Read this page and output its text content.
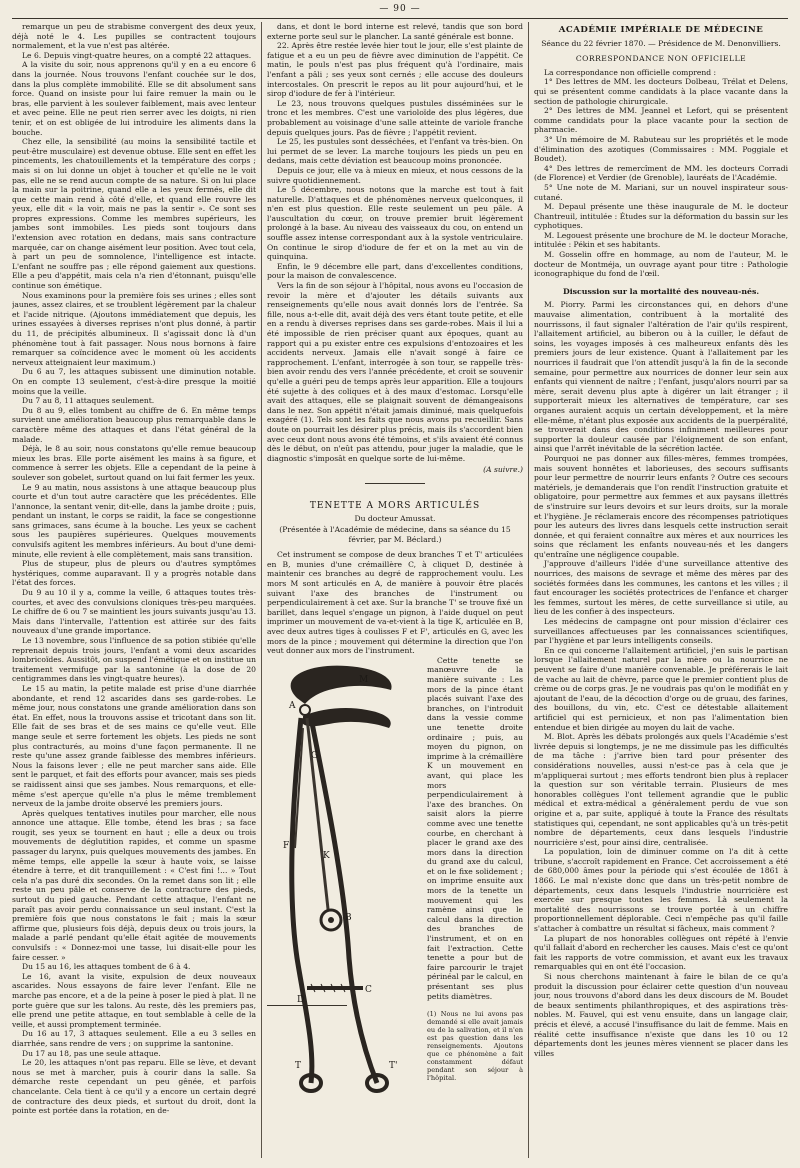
— 90 —

remarque un peu de strabisme convergent des deux yeux, déjà noté le 4. Les pupilles se contractent toujours normalement, et la vue n'est pas altérée.

Le 6. Depuis vingt-quatre heures, on a compté 22 attaques.

A la visite du soir, nous apprenons qu'il y en a eu encore 6 dans la journée. Nous trouvons l'enfant couchée sur le dos, dans la plus complète immobilité. Elle se dit absolument sans force. Quand on insiste pour lui faire remuer la main ou le bras, elle parvient à les soulever faiblement, mais avec lenteur et avec peine. Elle ne peut rien serrer avec les doigts, ni rien tenir, et on est obligée de lui introduire les aliments dans la bouche.

Chez elle, la sensibilité (au moins la sensibilité tactile et peut-être musculaire) est devenue obtuse. Elle sent en effet les pincements, les chatouillements et la température des corps ; mais si on lui donne un objet à toucher et qu'elle ne le voit pas, elle ne se rend aucun compte de sa nature. Si on lui place la main sur la poitrine, quand elle a les yeux fermés, elle dit que cette main rend à côté d'elle, et quand elle rouvre les yeux, elle dit « la voir, mais ne pas la sentir ». Ce sont ses propres expressions. Comme les membres supérieurs, les jambes sont immobiles. Les pieds sont toujours dans l'extension avec rotation en dedans, mais sans contracture marquée, car on change aisément leur position. Avec tout cela, à part un peu de somnolence, l'intelligence est intacte. L'enfant ne souffre pas ; elle répond gaiement aux questions. Elle a peu d'appétit, mais cela n'a rien d'étonnant, puisqu'elle continue son émétique.

Nous examinons pour la première fois ses urines ; elles sont jaunes, assez claires, et se troublent légèrement par la chaleur et l'acide nitrique. (Ajoutons immédiatement que depuis, les urines essayées à diverses reprises n'ont plus donné, à partir du 11, de précipités albumineux. Il s'agissait donc là d'un phénomène tout à fait passager. Nous nous bornons à faire remarquer sa coïncidence avec le moment où les accidents nerveux atteignaient leur maximum.)

Du 6 au 7, les attaques subissent une diminution notable. On en compte 13 seulement, c'est-à-dire presque la moitié moins que la veille.

Du 7 au 8, 11 attaques seulement.

Du 8 au 9, elles tombent au chiffre de 6. En même temps survient une amélioration beaucoup plus remarquable dans le caractère même des attaques et dans l'état général de la malade.

Déjà, le 8 au soir, nous constatons qu'elle remue beaucoup mieux les bras. Elle porte aisément les mains à sa figure, et commence à serrer les objets. Elle a cependant de la peine à soulever son gobelet, surtout quand on lui fait fermer les yeux.

Le 9 au matin, nous assistons à une attaque beaucoup plus courte et d'un tout autre caractère que les précédentes. Elle l'annonce, la sentant venir, dit-elle, dans la jambe droite ; puis, pendant un instant, le corps se raidit, la face se congestionne sans grimaces, sans écume à la bouche. Les yeux se cachent sous les paupières supérieures. Quelques mouvements convulsifs agitent les membres inférieurs. Au bout d'une demi-minute, elle revient à elle complètement, mais sans transition.

Plus de stupeur, plus de pleurs ou d'autres symptômes hystériques, comme auparavant. Il y a progrès notable dans l'état des forces.

Du 9 au 10 il y a, comme la veille, 6 attaques toutes très-courtes, et avec des convulsions cloniques très-peu marquées. Le chiffre de 6 ou 7 se maintient les jours suivants jusqu'au 13. Mais dans l'intervalle, l'attention est attirée sur des faits nouveaux d'une grande importance.

Le 13 novembre, sous l'influence de sa potion stibiée qu'elle reprenait depuis trois jours, l'enfant a vomi deux ascarides lombricoïdes. Aussitôt, on suspend l'émétique et on institue un traitement vermifuge par la santonine (à la dose de 20 centigrammes dans les vingt-quatre heures).

Le 15 au matin, la petite malade est prise d'une diarrhée abondante, et rend 12 ascarides dans ses garde-robes. Le même jour, nous constatons une grande amélioration dans son état. En effet, nous la trouvons assise et tricotant dans son lit. Elle fait de ses bras et de ses mains ce qu'elle veut. Elle mange seule et serre fortement les objets. Les pieds ne sont plus contracturés, au moins d'une façon permanente. Il ne reste qu'une assez grande faiblesse des membres inférieurs. Nous la faisons lever ; elle ne peut marcher sans aide. Elle sent le parquet, et fait des efforts pour avancer, mais ses pieds se raidissent ainsi que ses jambes. Nous remarquons, et elle-même s'est aperçue qu'elle n'a plus le même tremblement nerveux de la jambe droite observé les premiers jours.

Après quelques tentatives inutiles pour marcher, elle nous annonce une attaque. Elle tombe, étend les bras ; sa face rougit, ses yeux se tournent en haut ; elle a deux ou trois mouvements de déglutition rapides, et comme un spasme passager du larynx, puis quelques mouvements des jambes. En même temps, elle appelle la sœur à haute voix, se laisse étendre à terre, et dit tranquillement : « C'est fini !... » Tout cela n'a pas duré dix secondes. On la remet dans son lit ; elle reste un peu pâle et conserve de la contracture des pieds, surtout du pied gauche. Pendant cette attaque, l'enfant ne paraît pas avoir perdu connaissance un seul instant. C'est la première fois que nous constatons le fait ; mais la sœur affirme que, plusieurs fois déjà, depuis deux ou trois jours, la malade a parlé pendant qu'elle était agitée de mouvements convulsifs : « Donnez-moi une tasse, lui disait-elle pour les faire cesser. »

Du 15 au 16, les attaques tombent de 6 à 4.

Le 16, avant la visite, expulsion de deux nouveaux ascarides. Nous essayons de faire lever l'enfant. Elle ne marche pas encore, et a de la peine à poser le pied à plat. Il ne porte guère que sur les talons. Au reste, dès les premiers pas, elle prend une petite attaque, en tout semblable à celle de la veille, et aussi promptement terminée.

Du 16 au 17, 3 attaques seulement. Elle a eu 3 selles en diarrhée, sans rendre de vers ; on supprime la santonine.

Du 17 au 18, pas une seule attaque.

Le 20, les attaques n'ont pas reparu. Elle se lève, et devant nous se met à marcher, puis à courir dans la salle. Sa démarche reste cependant un peu gênée, et parfois chancelante. Cela tient à ce qu'il y a encore un certain degré de contracture des deux pieds, et surtout du droit, dont la pointe est portée dans la rotation, en de-

dans, et dont le bord interne est relevé, tandis que son bord externe porte seul sur le plancher. La santé générale est bonne.

22. Après être restée levée hier tout le jour, elle s'est plainte de fatigue et a eu un peu de fièvre avec diminution de l'appétit. Ce matin, le pouls n'est pas plus fréquent qu'à l'ordinaire, mais l'enfant a pâli ; ses yeux sont cernés ; elle accuse des douleurs intercostales. On prescrit le repos au lit pour aujourd'hui, et le sirop d'iodure de fer à l'intérieur.

Le 23, nous trouvons quelques pustules disséminées sur le tronc et les membres. C'est une varioloïde des plus légères, due probablement au voisinage d'une salle atteinte de variole franche depuis quelques jours. Pas de fièvre ; l'appétit revient.

Le 25, les pustules sont desséchées, et l'enfant va très-bien. On lui permet de se lever. La marche toujours les pieds un peu en dedans, mais cette déviation est beaucoup moins prononcée.

Depuis ce jour, elle va à mieux en mieux, et nous cessons de la suivre quotidiennement.

Le 5 décembre, nous notons que la marche est tout à fait naturelle. D'attaques et de phénomènes nerveux quelconques, il n'en est plus question. Elle reste seulement un peu pâle. A l'auscultation du cœur, on trouve premier bruit légèrement prolongé à la base. Au niveau des vaisseaux du cou, on entend un souffle assez intense correspondant aux à la systole ventriculaire. On continue le sirop d'iodure de fer et on la met au vin de quinquina.

Enfin, le 9 décembre elle part, dans d'excellentes conditions, pour la maison de convalescence.

Vers la fin de son séjour à l'hôpital, nous avons eu l'occasion de revoir la mère et d'ajouter les détails suivants aux renseignements qu'elle nous avait donnés lors de l'entrée. Sa fille, nous a-t-elle dit, avait déjà des vers étant toute petite, et elle en a rendu à diverses reprises dans ses garde-robes. Mais il lui a été impossible de rien préciser quant aux époques, quant au rapport qui a pu exister entre ces expulsions d'entozoaires et les accidents nerveux. Jamais elle n'avait songé à faire ce rapprochement. L'enfant, interrogée à son tour, se rappelle très-bien avoir rendu des vers l'année précédente, et croit se souvenir qu'elle a guéri peu de temps après leur apparition. Elle a toujours été sujette à des coliques et à des maux d'estomac. Lorsqu'elle avait des attaques, elle se plaignait souvent de démangeaisons dans le nez. Son appétit n'était jamais diminué, mais quelquefois exagéré (1). Tels sont les faits que nous avons pu recueillir. Sans doute on pourrait les désirer plus précis, mais ils s'accordent bien avec ceux dont nous avons été témoins, et s'ils avaient été connus dès le début, on n'eût pas attendu, pour juger la maladie, que le diagnostic s'imposât en quelque sorte de lui-même.

(A suivre.)

TENETTE A MORS ARTICULÉS
Du docteur Amussat.
(Présentée à l'Académie de médecine, dans sa séance du 15 février, par M. Béclard.)

Cet instrument se compose de deux branches T et T' articulées en B, munies d'une crémaillère C, à cliquet D, destinée à maintenir ces branches au degré de rapprochement voulu. Les mors M sont articulés en A, de manière à pouvoir être placés suivant l'axe des branches de l'instrument ou perpendiculairement à cet axe. Sur la branche T' se trouve fixé un barillet, dans lequel s'engage un pignon, à l'aide duquel on peut imprimer un mouvement de va-et-vient à la tige K, articulée en B, avec deux autres tiges à coulisses F et F', articulés en G, avec les mors de la pince ; mouvement qui détermine la direction que l'on veut donner aux mors de l'instrument.

M
A
K
F
G
B
C
D
T	T'

Cette tenette se manœuvre de la manière suivante : Les mors de la pince étant placés suivant l'axe des branches, on l'introduit dans la vessie comme une tenette droite ordinaire ; puis, au moyen du pignon, on imprime à la crémaillère K un mouvement en avant, qui place les mors perpendiculairement à l'axe des branches. On saisit alors la pierre comme avec une tenette courbe, en cherchant à placer le grand axe des mors dans la direction du grand axe du calcul, et on le fixe solidement ; on imprime ensuite aux mors de la tenette un mouvement qui les ramène ainsi que le calcul dans la direction des branches de l'instrument, et on en fait l'extraction. Cette tenette a pour but de faire parcourir le trajet périnéal par le calcul, en présentant ses plus petits diamètres.

(1) Nous ne lui avons pas demandé si elle avait jamais eu de la salivation, et il n'en est pas question dans les renseignements. Ajoutons que ce phénomène a fait constamment défaut pendant son séjour à l'hôpital.

ACADÉMIE IMPÉRIALE DE MÉDECINE
Séance du 22 février 1870. — Présidence de M. Denonvilliers.
CORRESPONDANCE NON OFFICIELLE

La correspondance non officielle comprend :

1° Des lettres de MM. les docteurs Dolbeau, Trélat et Delens, qui se présentent comme candidats à la place vacante dans la section de pathologie chirurgicale.

2° Des lettres de MM. Jeannel et Lefort, qui se présentent comme candidats pour la place vacante pour la section de pharmacie.

3° Un mémoire de M. Rabuteau sur les propriétés et le mode d'élimination des azotiques (Commissaires : MM. Poggiale et Boudet).

4° Des lettres de remercîment de MM. les docteurs Corradi (de Florence) et Verdier (de Grenoble), lauréats de l'Académie.

5° Une note de M. Mariani, sur un nouvel inspirateur sous-cutané.

M. Depaul présente une thèse inaugurale de M. le docteur Chantreuil, intitulée : Études sur la déformation du bassin sur les cyphotiques.

M. Legouest présente une brochure de M. le docteur Morache, intitulée : Pékin et ses habitants.

M. Gosselin offre en hommage, au nom de l'auteur, M. le docteur de Montméja, un ouvrage ayant pour titre : Pathologie iconographique du fond de l'œil.

Discussion sur la mortalité des nouveau-nés.

M. Piorry. Parmi les circonstances qui, en dehors d'une mauvaise alimentation, contribuent à la mortalité des nourrissons, il faut signaler l'altération de l'air qu'ils respirent, l'allaitement artificiel, au biberon ou à la cuiller, le défaut de soins, les voyages imposés à ces malheureux enfants dès les premiers jours de leur existence. Quant à l'allaitement par les nourrices il faudrait que l'on attendît jusqu'à la fin de la seconde semaine, pour permettre aux nourrices de donner leur sein aux enfants qui viennent de naître ; l'enfant, jusqu'alors nourri par sa mère, serait devenu plus apte à digérer un lait étranger ; il supporterait mieux les alternatives de température, car ses organes auraient acquis un certain développement, et la mère elle-même, n'étant plus exposée aux accidents de la puerpéralité, se trouverait dans des conditions infiniment meilleures pour supporter la douleur causée par l'éloignement de son enfant, ainsi que l'arrêt inévitable de la sécrétion lactée.

Pourquoi ne pas donner aux filles-mères, femmes trompées, mais souvent honnêtes et laborieuses, des secours suffisants pour leur permettre de nourrir leurs enfants ? Outre ces secours matériels, je demanderais que l'on rendît l'instruction gratuite et obligatoire, pour permettre aux femmes et aux paysans illettrés de s'instruire sur leurs devoirs et sur leurs droits, sur la morale et l'hygiène. Je réclamerais encore des récompenses patriotiques pour les auteurs des livres dans lesquels cette instruction serait donnée, et qui feraient connaître aux mères et aux nourrices les soins que réclament les enfants nouveau-nés et les dangers qu'entraîne une négligence coupable.

J'approuve d'ailleurs l'idée d'une surveillance attentive des nourrices, des maisons de sevrage et même des mères par des sociétés formées dans les communes, les cantons et les villes ; il faut encourager les sociétés protectrices de l'enfance et charger les femmes, surtout les mères, de cette surveillance si utile, au lieu de les confier à des inspecteurs.

Les médecins de campagne ont pour mission d'éclairer ces surveillances affectueuses par les connaissances scientifiques, par l'hygiène et par leurs intelligents conseils.

En ce qui concerne l'allaitement artificiel, j'en suis le partisan lorsque l'allaitement naturel par la mère ou la nourrice ne peuvent se faire d'une manière convenable. Je préférerais le lait de vache au lait de chèvre, parce que le premier contient plus de crème ou de corps gras. Je ne voudrais pas qu'on le modifiât en y ajoutant de l'eau, de la décoction d'orge ou de gruau, des farines, des bouillons, du vin, etc. C'est ce détestable allaitement artificiel qui est pernicieux, et non pas l'alimentation bien entendue et bien dirigée au moyen du lait de vache.

M. Blot. Après les débats prolongés aux quels l'Académie s'est livrée depuis si longtemps, je ne me dissimule pas les difficultés de ma tâche : j'arrive bien tard pour présenter des considérations nouvelles, aussi n'est-ce pas à cela que je m'appliquerai surtout ; mes efforts tendront bien plus à replacer la question sur son véritable terrain. Plusieurs de mes honorables collègues l'ont tellement agrandie que le public médical et extra-médical a généralement perdu de vue son origine et a, par suite, appliqué à toute la France des résultats statistiques qui, cependant, ne sont applicables qu'à un très-petit nombre de départements, ceux dans lesquels l'industrie nourricière s'est, pour ainsi dire, centralisée.

La population, loin de diminuer comme on l'a dit à cette tribune, s'accroît rapidement en France. Cet accroissement a été de 680,000 âmes pour la période qui s'est écoulée de 1861 à 1866. Le mal n'existe donc que dans un très-petit nombre de départements, ceux dans lesquels l'industrie nourricière est exercée sur presque toutes les femmes. Là seulement la mortalité des nourrissons se trouve portée à un chiffre proportionnellement déplorable. Ceci n'empêche pas qu'il faille s'attacher à combattre un résultat si fâcheux, mais comment ?

La plupart de nos honorables collègues ont répété à l'envie qu'il fallait d'abord en rechercher les causes. Mais c'est ce qu'ont fait les rapports de votre commission, et avant eux les travaux remarquables qui en ont été l'occasion.

Si nous cherchons maintenant à faire le bilan de ce qu'a produit la discussion pour éclairer cette question d'un nouveau jour, nous trouvons d'abord dans les deux discours de M. Boudet de beaux sentiments philanthropiques, et des aspirations très-nobles. M. Fauvel, qui est venu ensuite, dans un langage clair, précis et élevé, a accusé l'insuffisance du lait de femme. Mais en réalité cette insuffisance n'existe que dans les 10 ou 12 départements dont les jeunes mères viennent se placer dans les villes
